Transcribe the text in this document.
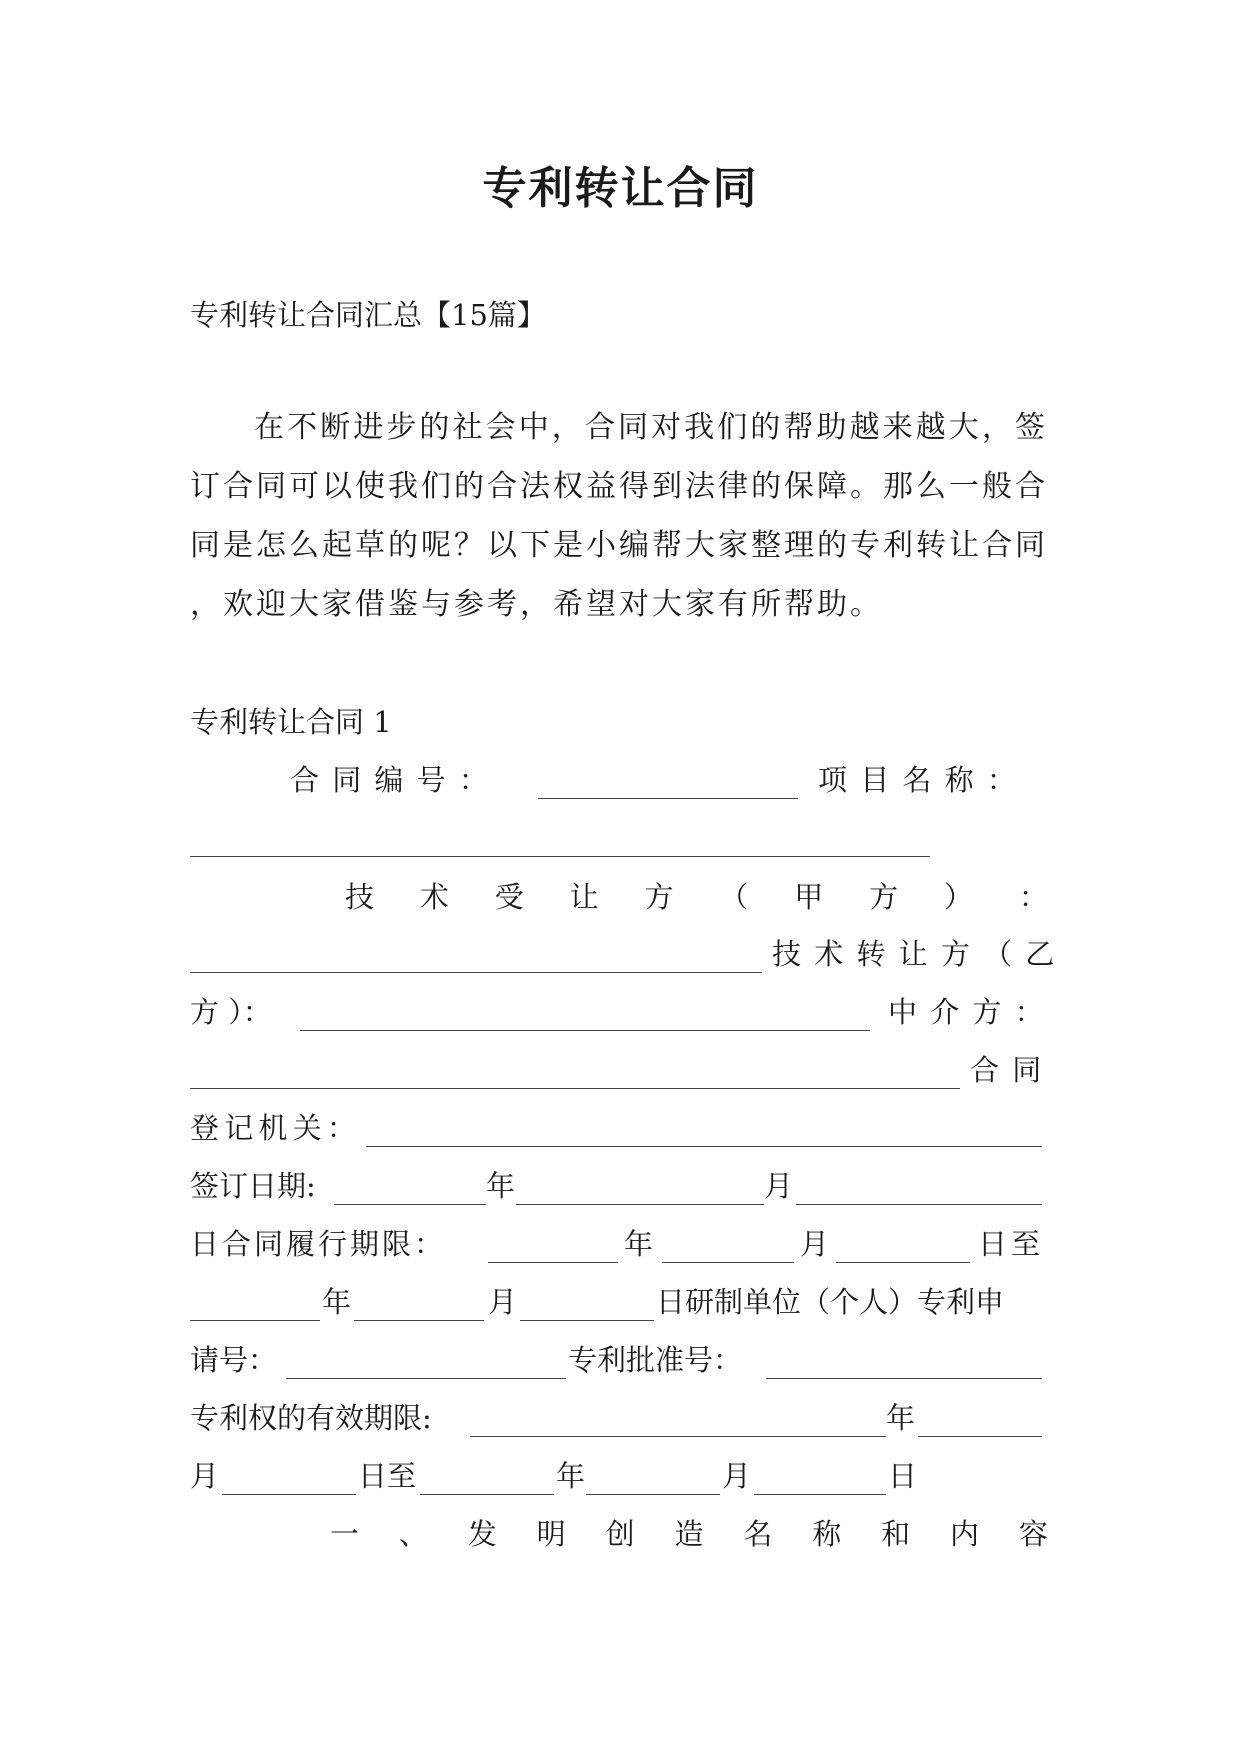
专利转让合同
专利转让合同汇总【15篇】
在不断进步的社会中，合同对我们的帮助越来越大，签订合同可以使我们的合法权益得到法律的保障。那么一般合同是怎么起草的呢？以下是小编帮大家整理的专利转让合同 ，欢迎大家借鉴与参考，希望对大家有所帮助。
专利转让合同 1
合 同 编 号 ：	项 目 名 称 ：
技 术 受 让 方 （ 甲 方 ） ：
技 术 转 让 方 （ 乙
方 ）：	中 介 方 ：
合 同
登 记 机 关 ：
签订日期:	年	月
日合同履行期限：	年	月	日至
年	月	日研制单位（个人）专利申
请号：	专利批准号：
专利权的有效期限:	年
月	日至	年	月	日
一 、 发 明 创 造 名 称 和 内 容
